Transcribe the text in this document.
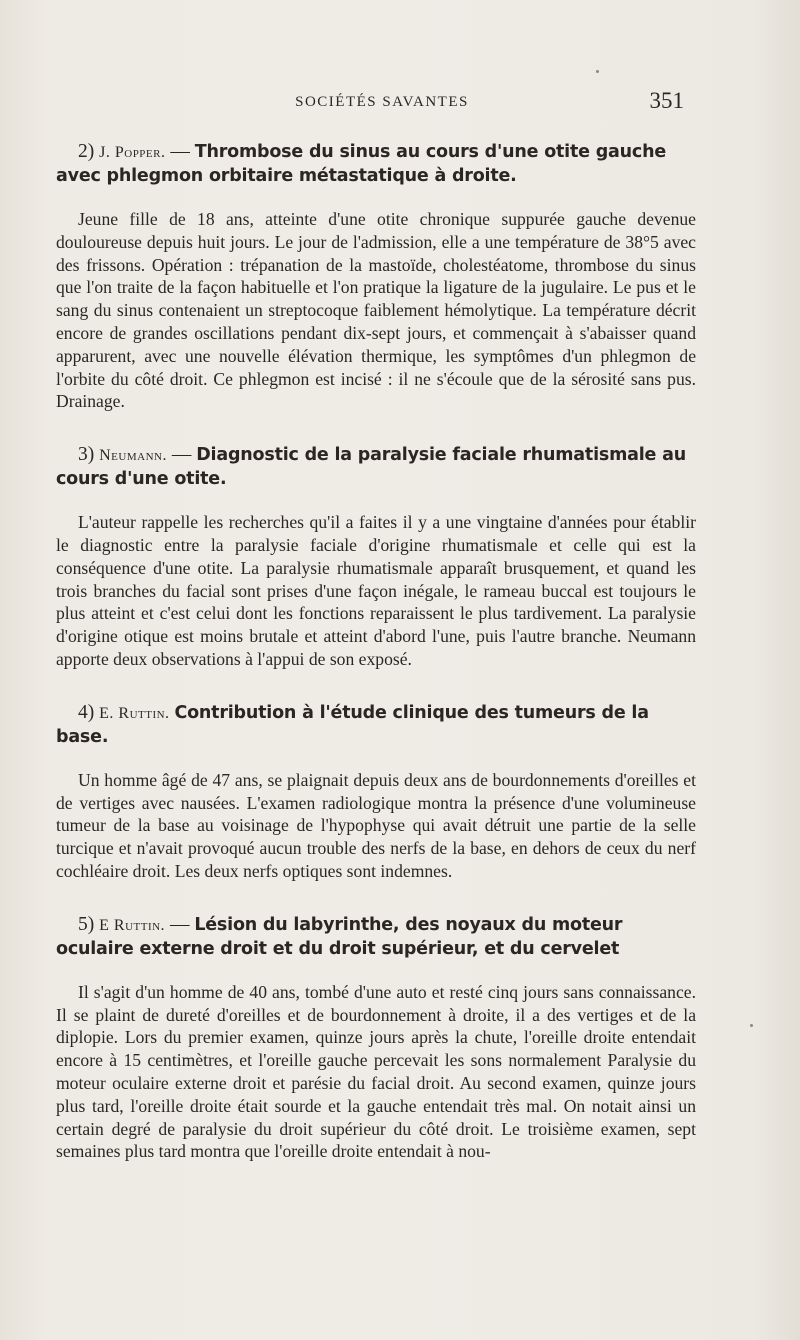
SOCIÉTÉS SAVANTES	351

2) J. Popper. — Thrombose du sinus au cours d'une otite gauche avec phlegmon orbitaire métastatique à droite.

Jeune fille de 18 ans, atteinte d'une otite chronique suppurée gauche devenue douloureuse depuis huit jours. Le jour de l'admission, elle a une température de 38°5 avec des frissons. Opération : trépanation de la mastoïde, cholestéatome, thrombose du sinus que l'on traite de la façon habituelle et l'on pratique la ligature de la jugulaire. Le pus et le sang du sinus contenaient un streptocoque faiblement hémolytique. La température décrit encore de grandes oscillations pendant dix-sept jours, et commençait à s'abaisser quand apparurent, avec une nouvelle élévation thermique, les symptômes d'un phlegmon de l'orbite du côté droit. Ce phlegmon est incisé : il ne s'écoule que de la sérosité sans pus. Drainage.

3) Neumann. — Diagnostic de la paralysie faciale rhumatismale au cours d'une otite.

L'auteur rappelle les recherches qu'il a faites il y a une vingtaine d'années pour établir le diagnostic entre la paralysie faciale d'origine rhumatismale et celle qui est la conséquence d'une otite. La paralysie rhumatismale apparaît brusquement, et quand les trois branches du facial sont prises d'une façon inégale, le rameau buccal est toujours le plus atteint et c'est celui dont les fonctions reparaissent le plus tardivement. La paralysie d'origine otique est moins brutale et atteint d'abord l'une, puis l'autre branche. Neumann apporte deux observations à l'appui de son exposé.

4) E. Ruttin. Contribution à l'étude clinique des tumeurs de la base.

Un homme âgé de 47 ans, se plaignait depuis deux ans de bourdonnements d'oreilles et de vertiges avec nausées. L'examen radiologique montra la présence d'une volumineuse tumeur de la base au voisinage de l'hypophyse qui avait détruit une partie de la selle turcique et n'avait provoqué aucun trouble des nerfs de la base, en dehors de ceux du nerf cochléaire droit. Les deux nerfs optiques sont indemnes.

5) E Ruttin. — Lésion du labyrinthe, des noyaux du moteur oculaire externe droit et du droit supérieur, et du cervelet

Il s'agit d'un homme de 40 ans, tombé d'une auto et resté cinq jours sans connaissance. Il se plaint de dureté d'oreilles et de bourdonnement à droite, il a des vertiges et de la diplopie. Lors du premier examen, quinze jours après la chute, l'oreille droite entendait encore à 15 centimètres, et l'oreille gauche percevait les sons normalement Paralysie du moteur oculaire externe droit et parésie du facial droit. Au second examen, quinze jours plus tard, l'oreille droite était sourde et la gauche entendait très mal. On notait ainsi un certain degré de paralysie du droit supérieur du côté droit. Le troisième examen, sept semaines plus tard montra que l'oreille droite entendait à nou-
